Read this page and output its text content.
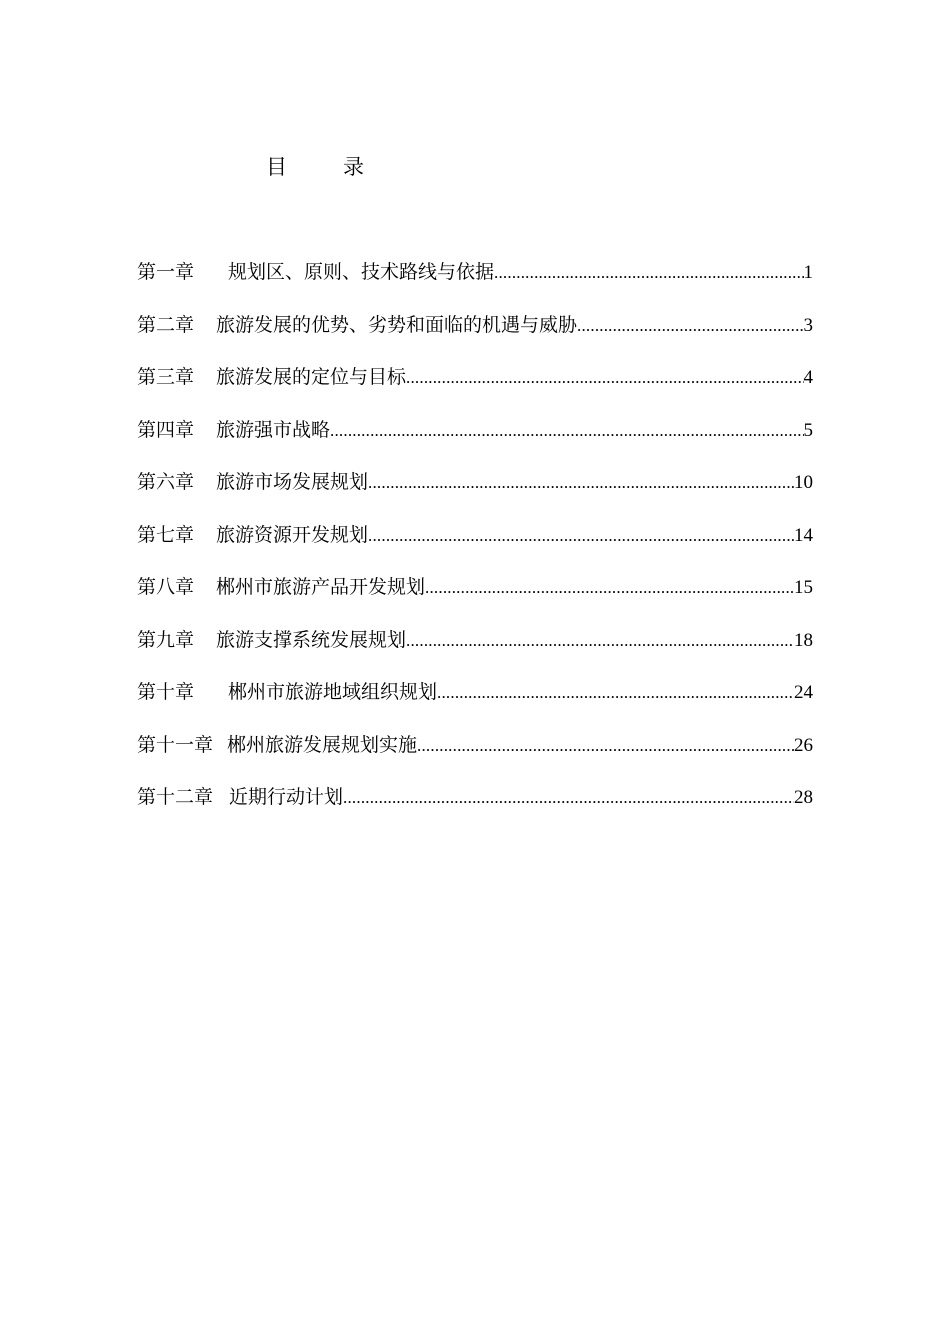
目	录
第一章 规划区、原则、技术路线与依据 .....	1
第二章 旅游发展的优势、劣势和面临的机遇与威胁 .....	3
第三章 旅游发展的定位与目标 .....	4
第四章 旅游强市战略 .....	5
第六章 旅游市场发展规划 .....	10
第七章 旅游资源开发规划 .....	14
第八章 郴州市旅游产品开发规划 .....	15
第九章 旅游支撑系统发展规划 .....	18
第十章 郴州市旅游地域组织规划 .....	24
第十一章 郴州旅游发展规划实施 .....	26
第十二章 近期行动计划 .....	28
